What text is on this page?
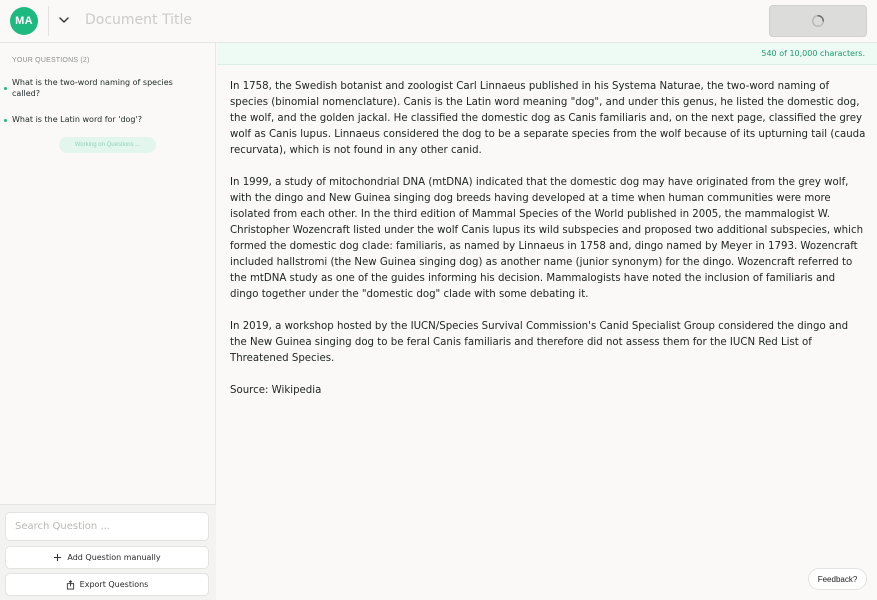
MA	Document Title
YOUR QUESTIONS (2)
What is the two-word naming of species called?
What is the Latin word for 'dog'?
Working on Questions ...
Search Question ...
Add Question manually
Export Questions
540 of 10,000 characters.

In 1758, the Swedish botanist and zoologist Carl Linnaeus published in his Systema Naturae, the two-word naming of species (binomial nomenclature). Canis is the Latin word meaning "dog", and under this genus, he listed the domestic dog, the wolf, and the golden jackal. He classified the domestic dog as Canis familiaris and, on the next page, classified the grey wolf as Canis lupus. Linnaeus considered the dog to be a separate species from the wolf because of its upturning tail (cauda recurvata), which is not found in any other canid.

In 1999, a study of mitochondrial DNA (mtDNA) indicated that the domestic dog may have originated from the grey wolf, with the dingo and New Guinea singing dog breeds having developed at a time when human communities were more isolated from each other. In the third edition of Mammal Species of the World published in 2005, the mammalogist W. Christopher Wozencraft listed under the wolf Canis lupus its wild subspecies and proposed two additional subspecies, which formed the domestic dog clade: familiaris, as named by Linnaeus in 1758 and, dingo named by Meyer in 1793. Wozencraft included hallstromi (the New Guinea singing dog) as another name (junior synonym) for the dingo. Wozencraft referred to the mtDNA study as one of the guides informing his decision. Mammalogists have noted the inclusion of familiaris and dingo together under the "domestic dog" clade with some debating it.

In 2019, a workshop hosted by the IUCN/Species Survival Commission's Canid Specialist Group considered the dingo and the New Guinea singing dog to be feral Canis familiaris and therefore did not assess them for the IUCN Red List of Threatened Species.

Source: Wikipedia

Feedback?
